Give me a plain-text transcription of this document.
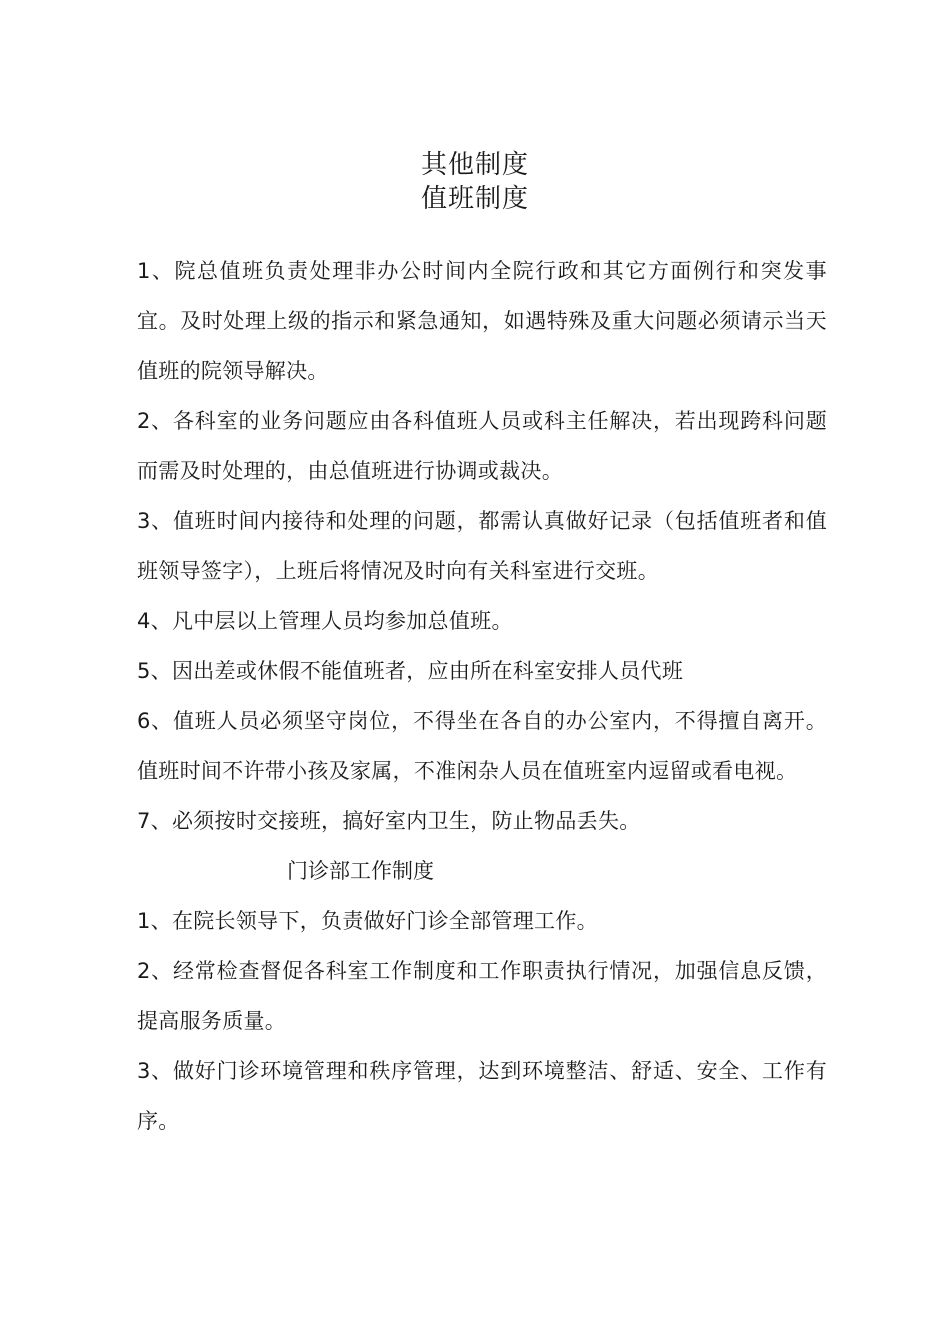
其他制度
值班制度

1、院总值班负责处理非办公时间内全院行政和其它方面例行和突发事宜。及时处理上级的指示和紧急通知，如遇特殊及重大问题必须请示当天值班的院领导解决。

2、各科室的业务问题应由各科值班人员或科主任解决，若出现跨科问题而需及时处理的，由总值班进行协调或裁决。

3、值班时间内接待和处理的问题，都需认真做好记录（包括值班者和值班领导签字），上班后将情况及时向有关科室进行交班。

4、凡中层以上管理人员均参加总值班。

5、因出差或休假不能值班者，应由所在科室安排人员代班

6、值班人员必须坚守岗位，不得坐在各自的办公室内，不得擅自离开。值班时间不许带小孩及家属，不准闲杂人员在值班室内逗留或看电视。

7、必须按时交接班，搞好室内卫生，防止物品丢失。

门诊部工作制度

1、在院长领导下，负责做好门诊全部管理工作。

2、经常检查督促各科室工作制度和工作职责执行情况，加强信息反馈，提高服务质量。

3、做好门诊环境管理和秩序管理，达到环境整洁、舒适、安全、工作有序。
